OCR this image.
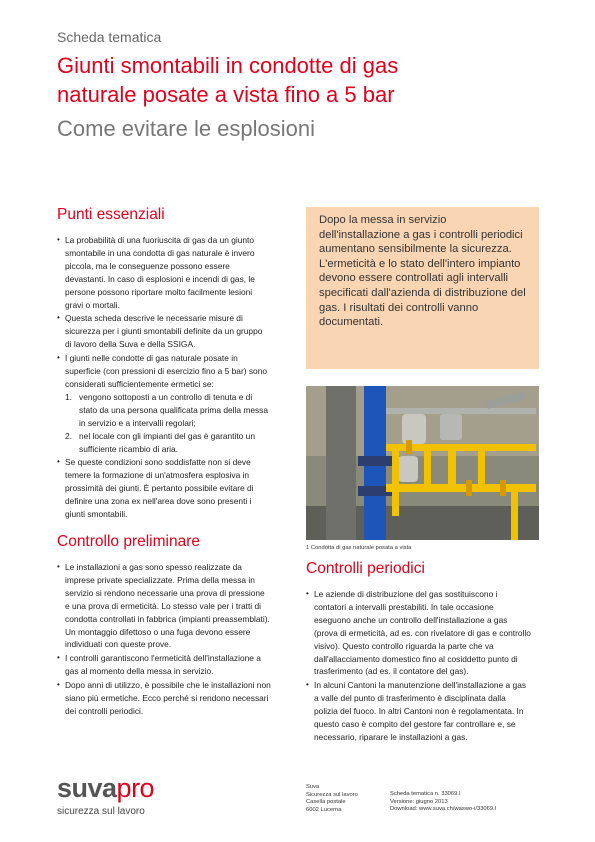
Scheda tematica
Giunti smontabili in condotte di gas
naturale posate a vista fino a 5 bar
Come evitare le esplosioni
Punti essenziali
• La probabilità di una fuoriuscita di gas da un giunto smontabile in una condotta di gas naturale è invero piccola, ma le conseguenze possono essere devastanti. In caso di esplosioni e incendi di gas, le persone possono riportare molto facilmente lesioni gravi o mortali.
• Questa scheda descrive le necessarie misure di sicurezza per i giunti smontabili definite da un gruppo di lavoro della Suva e della SSIGA.
• I giunti nelle condotte di gas naturale posate in superficie (con pressioni di esercizio fino a 5 bar) sono considerati sufficientemente ermetici se:
1. vengono sottoposti a un controllo di tenuta e di stato da una persona qualificata prima della messa in servizio e a intervalli regolari;
2. nel locale con gli impianti del gas è garantito un sufficiente ricambio di aria.
• Se queste condizioni sono soddisfatte non si deve temere la formazione di un'atmosfera esplosiva in prossimità dei giunti. È pertanto possibile evitare di definire una zona ex nell'area dove sono presenti i giunti smontabili.
Controllo preliminare
• Le installazioni a gas sono spesso realizzate da imprese private specializzate. Prima della messa in servizio si rendono necessarie una prova di pressione e una prova di ermeticità. Lo stesso vale per i tratti di condotta controllati in fabbrica (impianti preassemblati). Un montaggio difettoso o una fuga devono essere individuati con queste prove.
• I controlli garantiscono l'ermeticità dell'installazione a gas al momento della messa in servizio.
• Dopo anni di utilizzo, è possibile che le installazioni non siano più ermetiche. Ecco perché si rendono necessari dei controlli periodici.

Dopo la messa in servizio dell'installazione a gas i controlli periodici aumentano sensibilmente la sicurezza. L'ermeticità e lo stato dell'intero impianto devono essere controllati agli intervalli specificati dall'azienda di distribuzione del gas. I risultati dei controlli vanno documentati.

1 Condotta di gas naturale posata a vista
Controlli periodici
• Le aziende di distribuzione del gas sostituiscono i contatori a intervalli prestabiliti. In tale occasione eseguono anche un controllo dell'installazione a gas (prova di ermeticità, ad es. con rivelatore di gas e controllo visivo). Questo controllo riguarda la parte che va dall'allacciamento domestico fino al cosiddetto punto di trasferimento (ad es. il contatore del gas).
• In alcuni Cantoni la manutenzione dell'installazione a gas a valle del punto di trasferimento è disciplinata dalla polizia del fuoco. In altri Cantoni non è regolamentata. In questo caso è compito del gestore far controllare e, se necessario, riparare le installazioni a gas.
suvapro
sicurezza sul lavoro
Suva
Sicurezza sul lavoro
Casella postale
6002 Lucerna
Scheda tematica n. 33069.I
Versione: giugno 2013
Download: www.suva.ch/waswo-i/33069.I
